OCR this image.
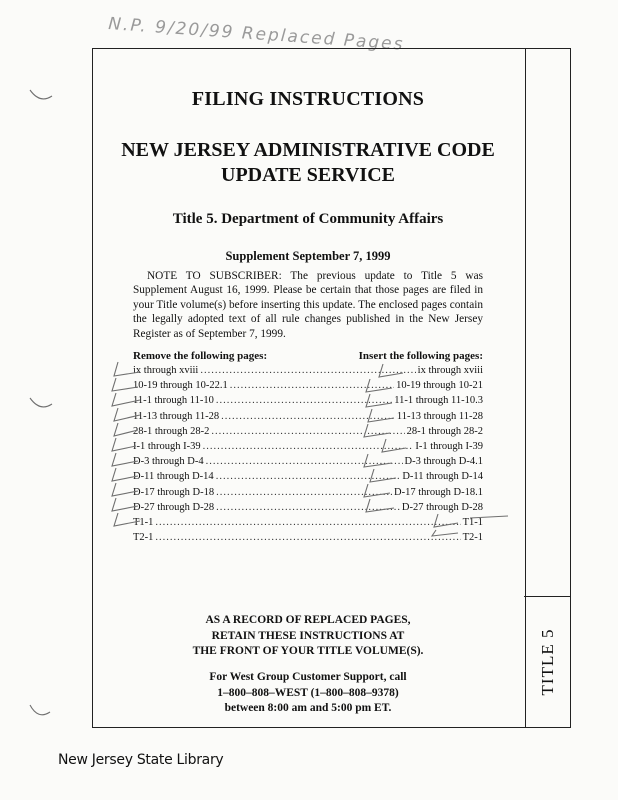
N.P. 9/20/99 Replaced Pages
TITLE 5
FILING INSTRUCTIONS
NEW JERSEY ADMINISTRATIVE CODE
UPDATE SERVICE
Title 5. Department of Community Affairs
Supplement September 7, 1999
NOTE TO SUBSCRIBER: The previous update to Title 5 was Supplement August 16, 1999. Please be certain that those pages are filed in your Title volume(s) before inserting this update. The enclosed pages contain the legally adopted text of all rule changes published in the New Jersey Register as of September 7, 1999.
Remove the following pages:	Insert the following pages:
ix through xviii .....	ix through xviii
10-19 through 10-22.1 .....	10-19 through 10-21
11-1 through 11-10 .....	11-1 through 11-10.3
11-13 through 11-28 .....	11-13 through 11-28
28-1 through 28-2 .....	28-1 through 28-2
I-1 through I-39 .....	I-1 through I-39
D-3 through D-4 .....	D-3 through D-4.1
D-11 through D-14 .....	D-11 through D-14
D-17 through D-18 .....	D-17 through D-18.1
D-27 through D-28 .....	D-27 through D-28
T1-1 .....	T1-1
T2-1 .....	T2-1
AS A RECORD OF REPLACED PAGES,
RETAIN THESE INSTRUCTIONS AT
THE FRONT OF YOUR TITLE VOLUME(S).
For West Group Customer Support, call
1–800–808–WEST (1–800–808–9378)
between 8:00 am and 5:00 pm ET.
New Jersey State Library
